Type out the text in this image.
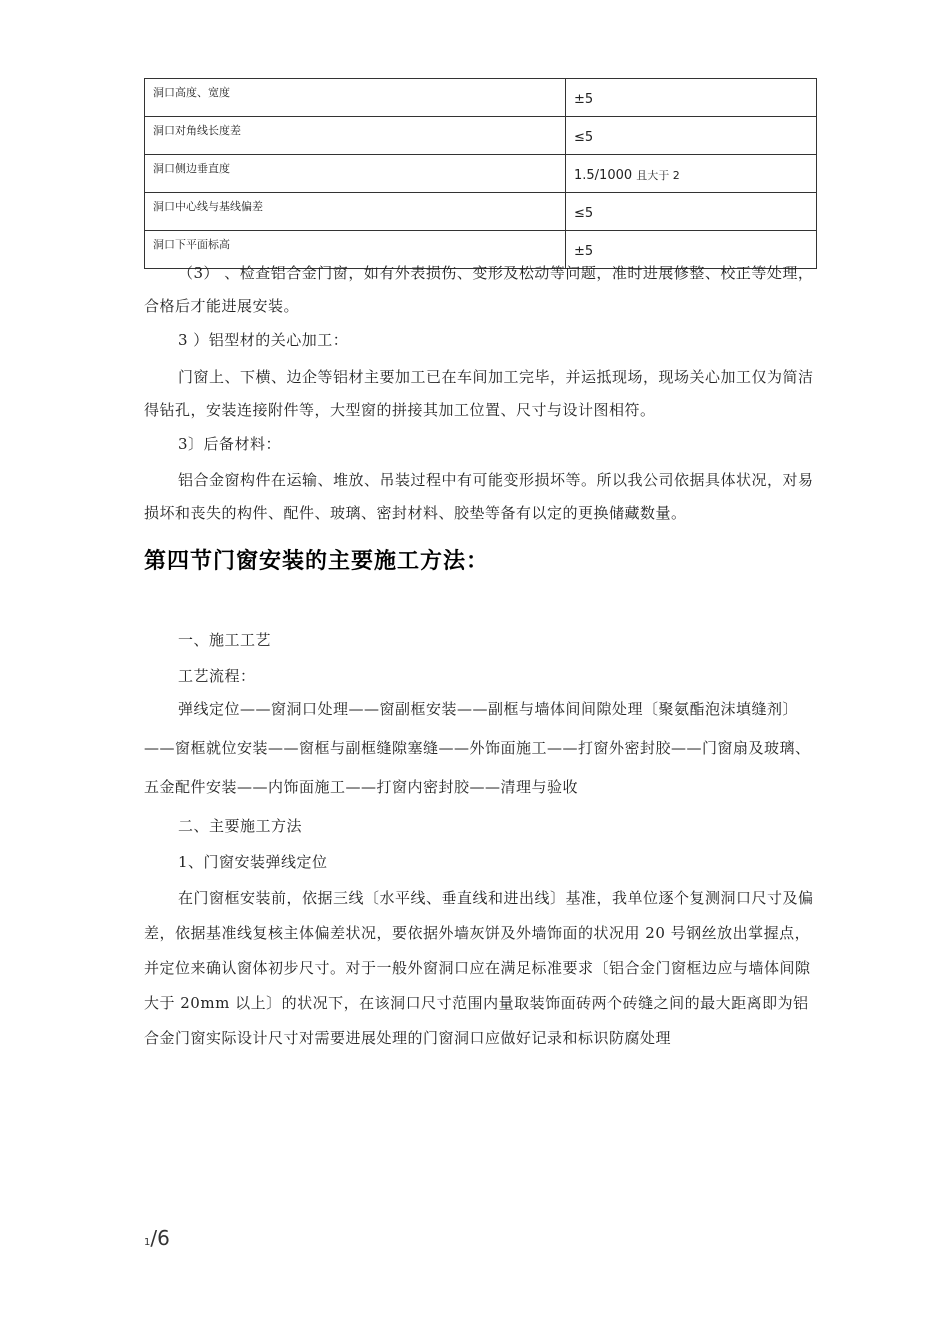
洞口高度、宽度	±5
洞口对角线长度差	≤5
洞口侧边垂直度	1.5/1000 且大于 2
洞口中心线与基线偏差	≤5
洞口下平面标高	±5

（3） 、检查铝合金门窗，如有外表损伤、变形及松动等问题，准时进展修整、校正等处理，合格后才能进展安装。

3 ）铝型材的关心加工：

门窗上、下横、边企等铝材主要加工已在车间加工完毕，并运抵现场，现场关心加工仅为简洁得钻孔，安装连接附件等，大型窗的拼接其加工位置、尺寸与设计图相符。

3〕后备材料：

铝合金窗构件在运输、堆放、吊装过程中有可能变形损坏等。所以我公司依据具体状况，对易损坏和丧失的构件、配件、玻璃、密封材料、胶垫等备有以定的更换储藏数量。

第四节门窗安装的主要施工方法：

一、施工工艺

工艺流程：

弹线定位——窗洞口处理——窗副框安装——副框与墙体间间隙处理〔聚氨酯泡沫填缝剂〕——窗框就位安装——窗框与副框缝隙塞缝——外饰面施工——打窗外密封胶——门窗扇及玻璃、五金配件安装——内饰面施工——打窗内密封胶——清理与验收

二、主要施工方法

1、门窗安装弹线定位

在门窗框安装前，依据三线〔水平线、垂直线和进出线〕基准，我单位逐个复测洞口尺寸及偏差，依据基准线复核主体偏差状况，要依据外墙灰饼及外墙饰面的状况用 20 号钢丝放出掌握点，并定位来确认窗体初步尺寸。对于一般外窗洞口应在满足标准要求〔铝合金门窗框边应与墙体间隙大于 20mm 以上〕的状况下，在该洞口尺寸范围内量取装饰面砖两个砖缝之间的最大距离即为铝合金门窗实际设计尺寸对需要进展处理的门窗洞口应做好记录和标识防腐处理

1/6
